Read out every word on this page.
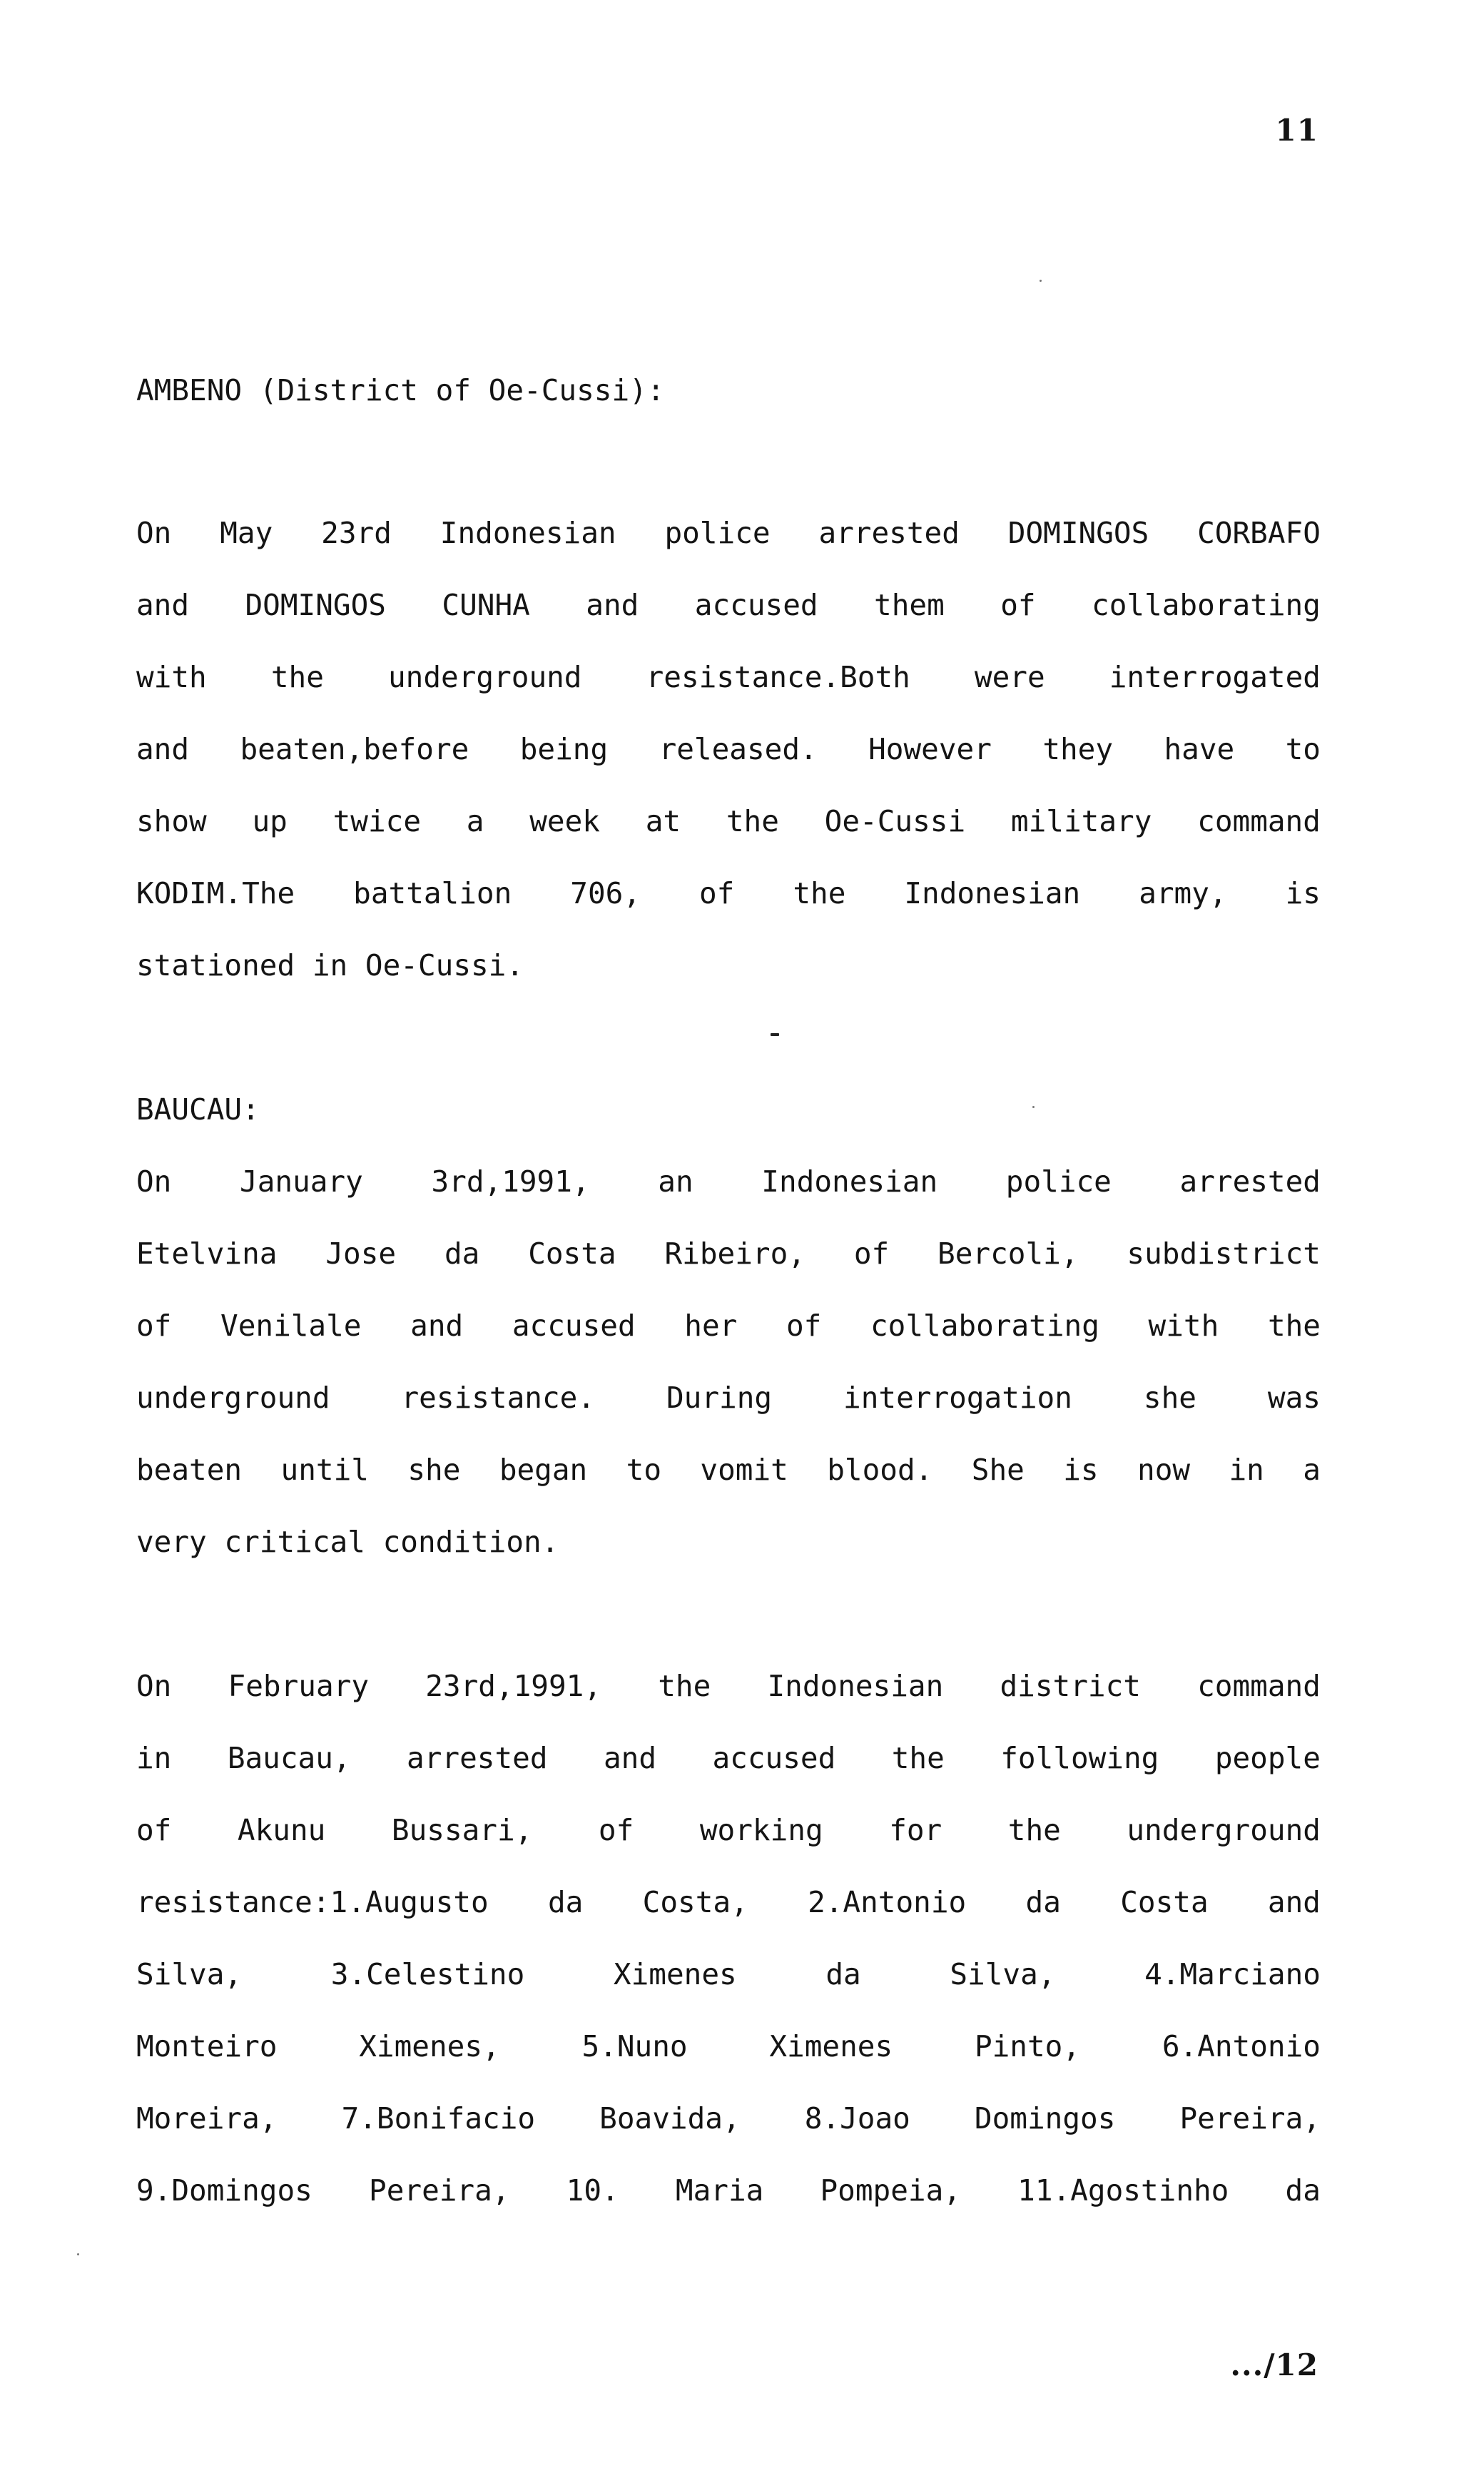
11
AMBENO (District of Oe-Cussi):
On May 23rd Indonesian police arrested DOMINGOS CORBAFO
and DOMINGOS CUNHA and accused them of collaborating
with the underground resistance.Both were interrogated
and beaten,before being released. However they have to
show up twice a week at the Oe-Cussi military command
KODIM.The battalion 706, of the Indonesian army, is
stationed in Oe-Cussi.
BAUCAU:
On January 3rd,1991, an Indonesian police arrested
Etelvina Jose da Costa Ribeiro, of Bercoli, subdistrict
of Venilale and accused her of collaborating with the
underground resistance. During interrogation she was
beaten until she began to vomit blood. She is now in a
very critical condition.
On February 23rd,1991, the Indonesian district command
in Baucau, arrested and accused the following people
of Akunu Bussari, of working for the underground
resistance:1.Augusto da Costa, 2.Antonio da Costa and
Silva,	3.Celestino	Ximenes	da	Silva,	4.Marciano
Monteiro	Ximenes,	5.Nuno	Ximenes	Pinto,	6.Antonio
Moreira, 7.Bonifacio Boavida, 8.Joao Domingos Pereira,
9.Domingos Pereira, 10. Maria Pompeia, 11.Agostinho da
.../12
